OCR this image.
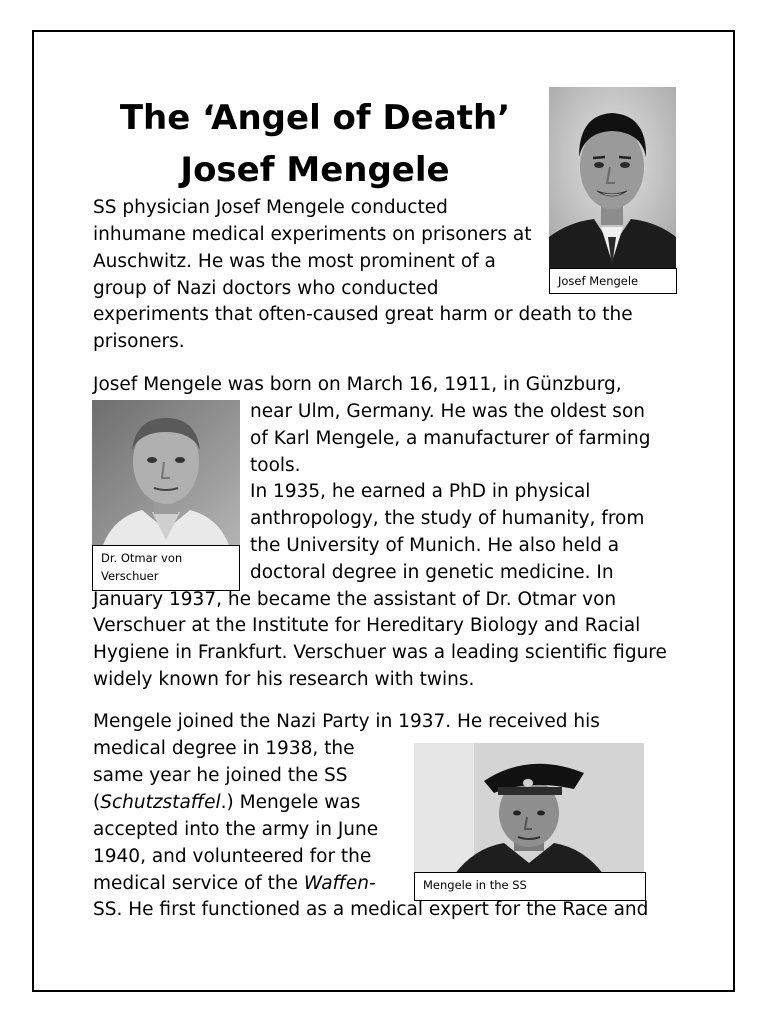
The ‘Angel of Death’
Josef Mengele
Josef Mengele

SS physician Josef Mengele conducted

inhumane medical experiments on prisoners at

Auschwitz. He was the most prominent of a

group of Nazi doctors who conducted

experiments that often-caused great harm or death to the

prisoners.

Dr. Otmar von
Verschuer

Josef Mengele was born on March 16, 1911, in Günzburg,

near Ulm, Germany. He was the oldest son

of Karl Mengele, a manufacturer of farming

tools.

In 1935, he earned a PhD in physical

anthropology, the study of humanity, from

the University of Munich. He also held a

doctoral degree in genetic medicine. In

January 1937, he became the assistant of Dr. Otmar von

Verschuer at the Institute for Hereditary Biology and Racial

Hygiene in Frankfurt. Verschuer was a leading scientific figure

widely known for his research with twins.

Mengele in the SS

Mengele joined the Nazi Party in 1937. He received his

medical degree in 1938, the

same year he joined the SS

(Schutzstaffel.) Mengele was

accepted into the army in June

1940, and volunteered for the

medical service of the Waffen-

SS. He first functioned as a medical expert for the Race and
